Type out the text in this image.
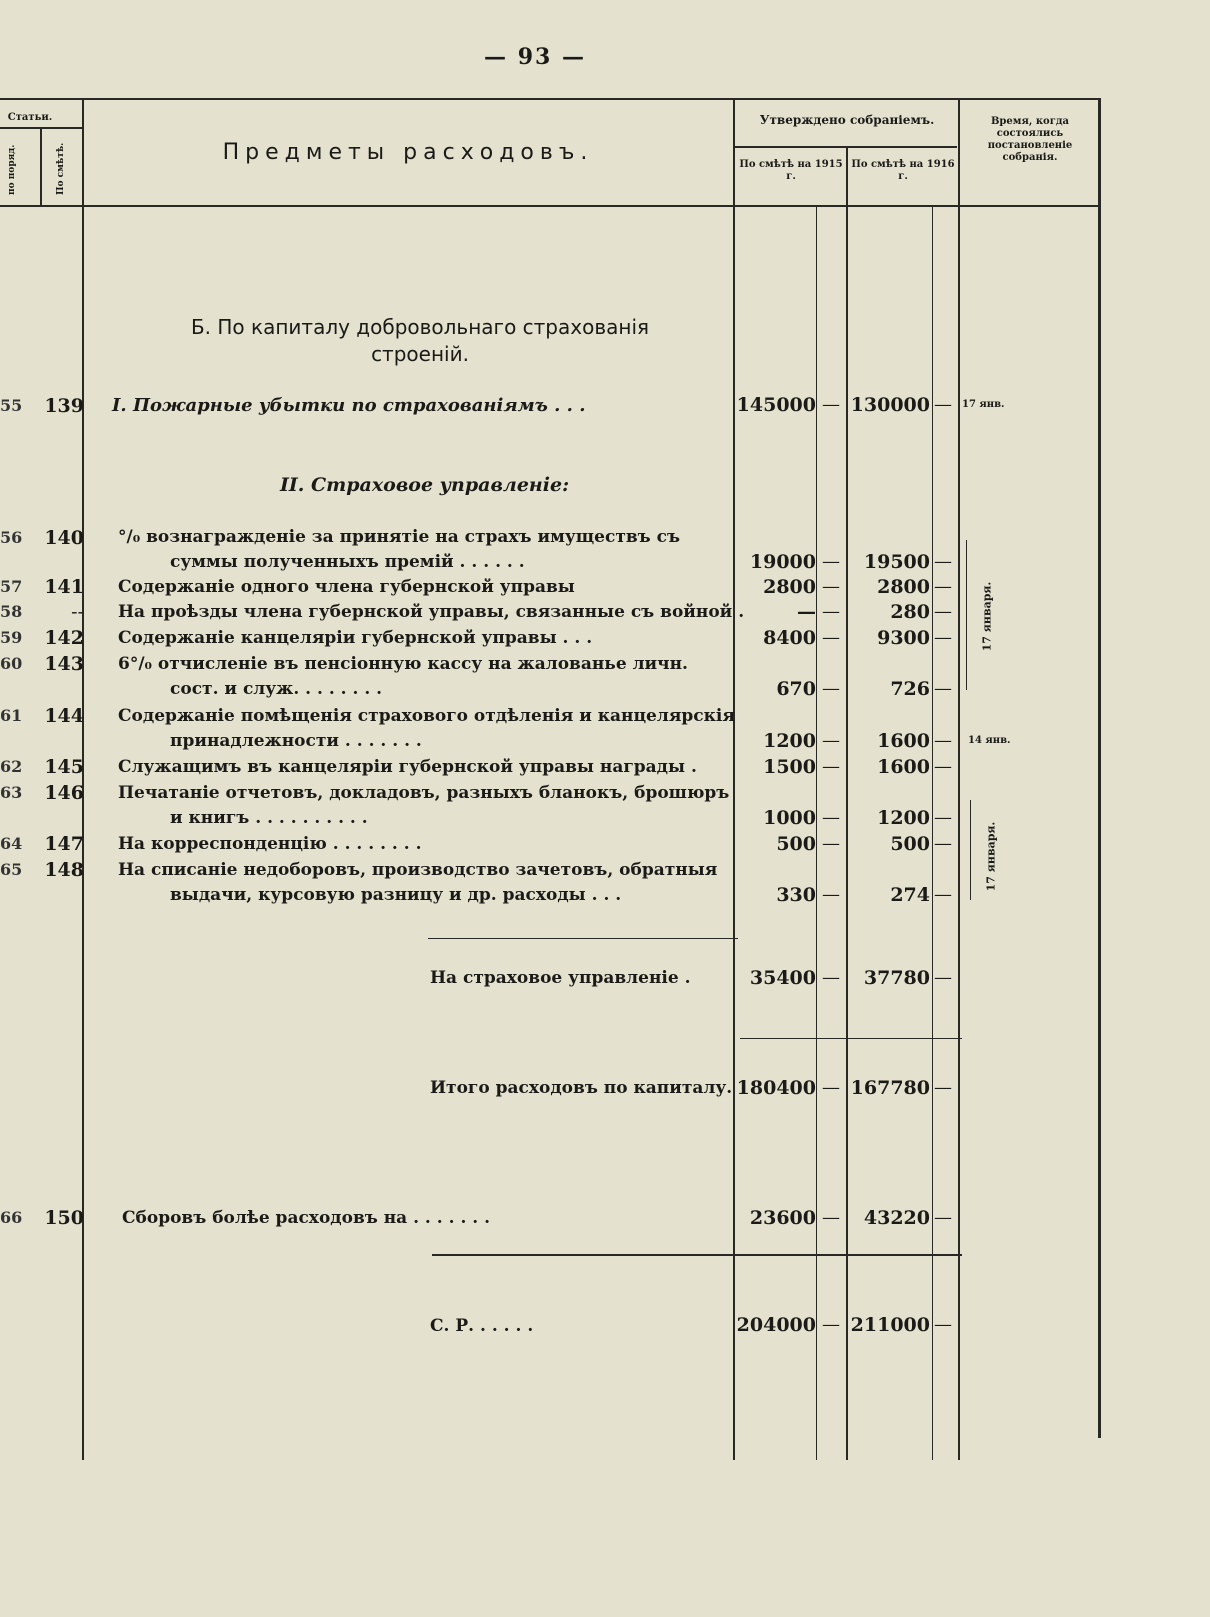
— 93 —
Статьи.
по поряд.	По смѣтѣ.	Предметы расходовъ.
Утверждено собраніемъ.
По смѣтѣ на 1915 г.
По смѣтѣ на 1916 г.
Время, когда состоялись постановленіе собранія.
Б. По капиталу добровольнаго страхованія
строеній.
55 139 I. Пожарные убытки по страхованіямъ . . .	145000 — 130000 — 17 янв.
II. Страховое управленіе:
56 140 °/₀ вознагражденіе за принятіе на страхъ имуществъ съ
суммы полученныхъ премій . . . . . .	19000 —	19500 —
57 141 Содержаніе одного члена губернской управы	2800 —	2800 —
58	-- На проѣзды члена губернской управы, связанные съ войной .	— —	280 —
59 142 Содержаніе канцеляріи губернской управы . . .	8400 —	9300 —
60 143 6°/₀ отчисленіе въ пенсіонную кассу на жалованье личн.
сост. и служ. . . . . . . .	670 —	726 —
17 января.
61 144 Содержаніе помѣщенія страхового отдѣленія и канцелярскія
принадлежности . . . . . . .	1200 —	1600 — 14 янв.
62 145 Служащимъ въ канцеляріи губернской управы награды .	1500 —	1600 —
63 146 Печатаніе отчетовъ, докладовъ, разныхъ бланокъ, брошюръ
и книгъ . . . . . . . . . .	1000 —	1200 —
64 147 На корреспонденцію . . . . . . . .	500 —	500 —
65 148 На списаніе недоборовъ, производство зачетовъ, обратныя
выдачи, курсовую разницу и др. расходы . . .	330 —	274 —
17 января.
На страховое управленіе .	35400 —	37780 —
Итого расходовъ по капиталу. 180400 — 167780 —
66 150 Сборовъ болѣе расходовъ на . . . . . . .	23600 —	43220 —
С. Р. . . . . .	204000 — 211000 —
